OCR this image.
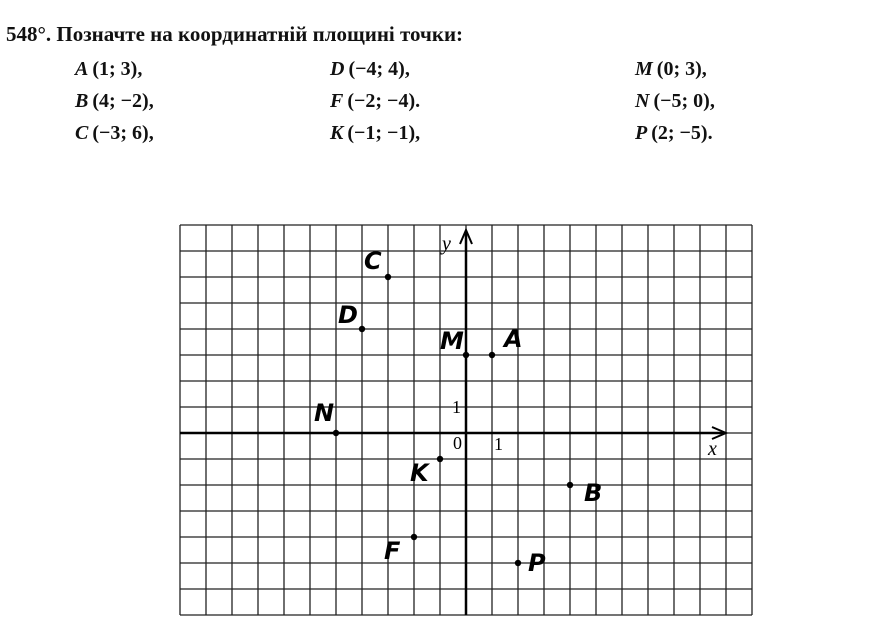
548°. Позначте на координатній площині точки:
A (1; 3),
B (4; −2),
C (−3; 6),
D (−4; 4),
F (−2; −4).
K (−1; −1),
M (0; 3),
N (−5; 0),
P (2; −5).
x
y
0 1
1
A
B
C
D
F
K
M
N
P
